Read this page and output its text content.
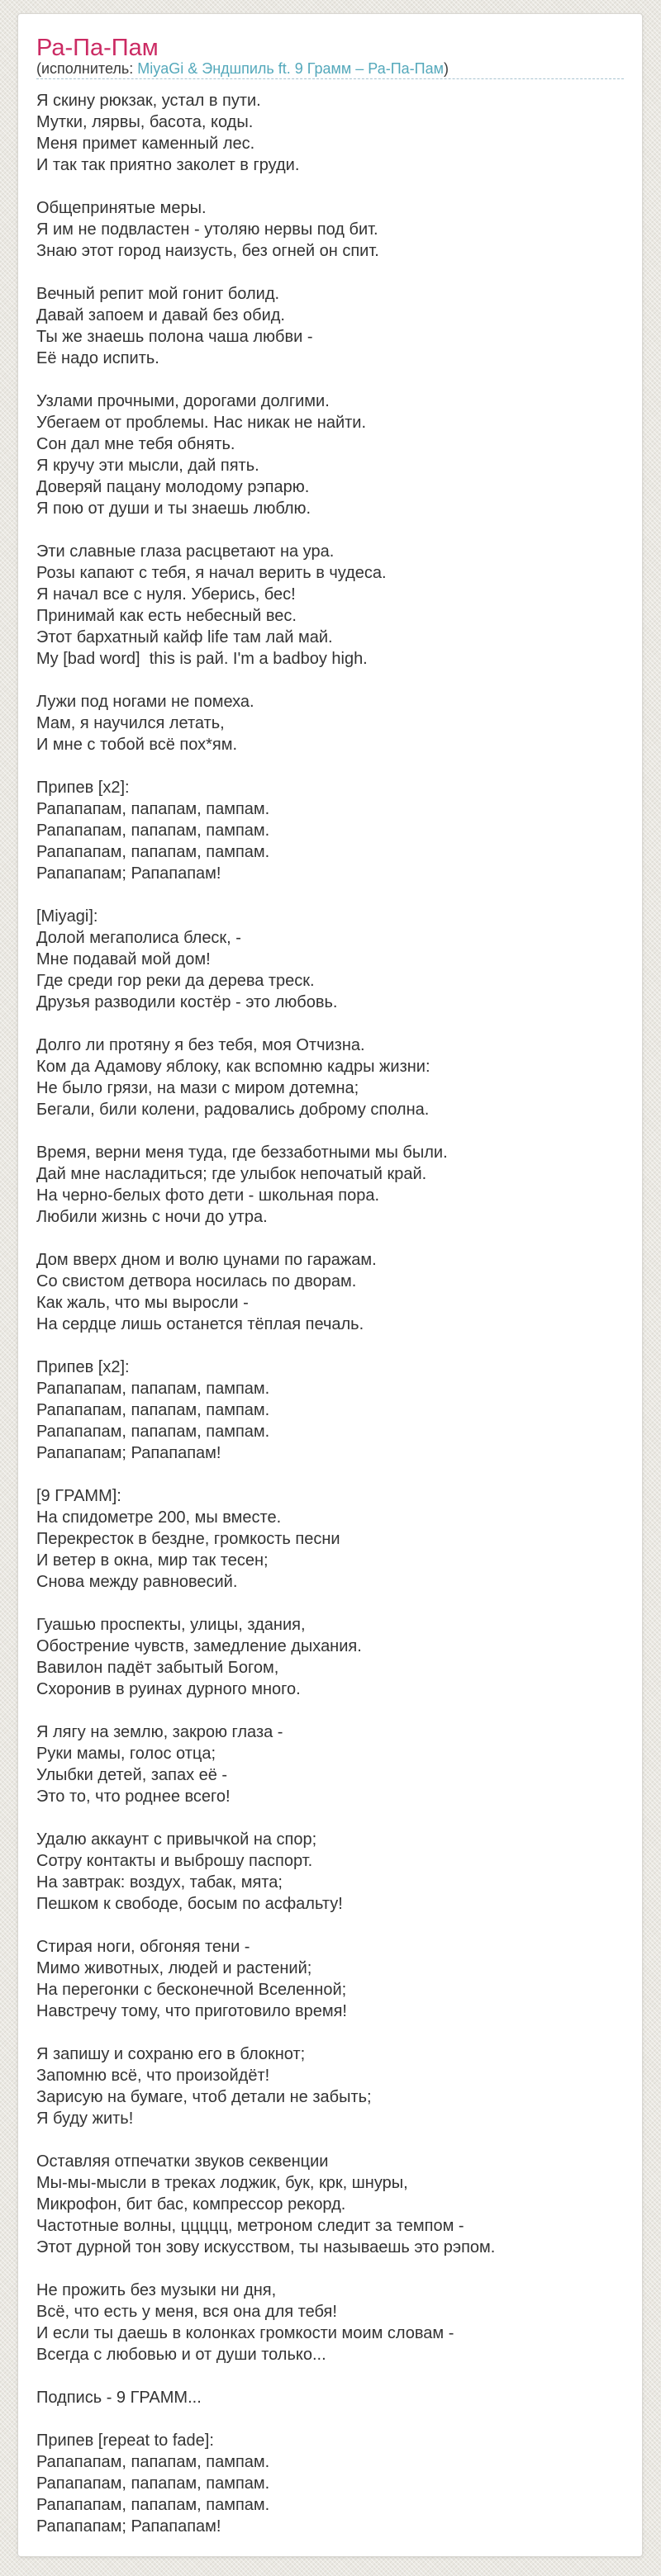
Ра-Па-Пам
(исполнитель: MiyaGi & Эндшпиль ft. 9 Грамм – Ра-Па-Пам)
Я скину рюкзак, устал в пути.
Мутки, лярвы, басота, коды.
Меня примет каменный лес.
И так так приятно заколет в груди.
Общепринятые меры.
Я им не подвластен - утоляю нервы под бит.
Знаю этот город наизусть, без огней он спит.
Вечный репит мой гонит болид.
Давай запоем и давай без обид.
Ты же знаешь полона чаша любви -
Её надо испить.
Узлами прочными, дорогами долгими.
Убегаем от проблемы. Нас никак не найти.
Сон дал мне тебя обнять.
Я кручу эти мысли, дай пять.
Доверяй пацану молодому рэпарю.
Я пою от души и ты знаешь люблю.
Эти славные глаза расцветают на ура.
Розы капают с тебя, я начал верить в чудеса.
Я начал все с нуля. Уберись, бес!
Принимай как есть небесный вес.
Этот бархатный кайф life там лай май.
My [bad word]  this is рай. I'm a badboy high.
Лужи под ногами не помеха.
Мам, я научился летать,
И мне с тобой всё пох*ям.
Припев [x2]:
Рапапапам, папапам, пампам.
Рапапапам, папапам, пампам.
Рапапапам, папапам, пампам.
Рапапапам; Рапапапам!
[Miyagi]:
Долой мегаполиса блеск, -
Мне подавай мой дом!
Где среди гор реки да дерева треск.
Друзья разводили костёр - это любовь.
Долго ли протяну я без тебя, моя Отчизна.
Ком да Адамову яблоку, как вспомню кадры жизни:
Не было грязи, на мази с миром дотемна;
Бегали, били колени, радовались доброму сполна.
Время, верни меня туда, где беззаботными мы были.
Дай мне насладиться; где улыбок непочатый край.
На черно-белых фото дети - школьная пора.
Любили жизнь с ночи до утра.
Дом вверх дном и волю цунами по гаражам.
Со свистом детвора носилась по дворам.
Как жаль, что мы выросли -
На сердце лишь останется тёплая печаль.
Припев [x2]:
Рапапапам, папапам, пампам.
Рапапапам, папапам, пампам.
Рапапапам, папапам, пампам.
Рапапапам; Рапапапам!
[9 ГРАММ]:
На спидометре 200, мы вместе.
Перекресток в бездне, громкость песни
И ветер в окна, мир так тесен;
Снова между равновесий.
Гуашью проспекты, улицы, здания,
Обострение чувств, замедление дыхания.
Вавилон падёт забытый Богом,
Схоронив в руинах дурного много.
Я лягу на землю, закрою глаза -
Руки мамы, голос отца;
Улыбки детей, запах её -
Это то, что роднее всего!
Удалю аккаунт с привычкой на спор;
Сотру контакты и выброшу паспорт.
На завтрак: воздух, табак, мята;
Пешком к свободе, босым по асфальту!
Стирая ноги, обгоняя тени -
Мимо животных, людей и растений;
На перегонки с бесконечной Вселенной;
Навстречу тому, что приготовило время!
Я запишу и сохраню его в блокнот;
Запомню всё, что произойдёт!
Зарисую на бумаге, чтоб детали не забыть;
Я буду жить!
Оставляя отпечатки звуков секвенции
Мы-мы-мысли в треках лоджик, бук, крк, шнуры,
Микрофон, бит бас, компрессор рекорд.
Частотные волны, ццццц, метроном следит за темпом -
Этот дурной тон зову искусством, ты называешь это рэпом.
Не прожить без музыки ни дня,
Всё, что есть у меня, вся она для тебя!
И если ты даешь в колонках громкости моим словам -
Всегда с любовью и от души только...
Подпись - 9 ГРАММ...
Припев [repeat to fade]:
Рапапапам, папапам, пампам.
Рапапапам, папапам, пампам.
Рапапапам, папапам, пампам.
Рапапапам; Рапапапам!
